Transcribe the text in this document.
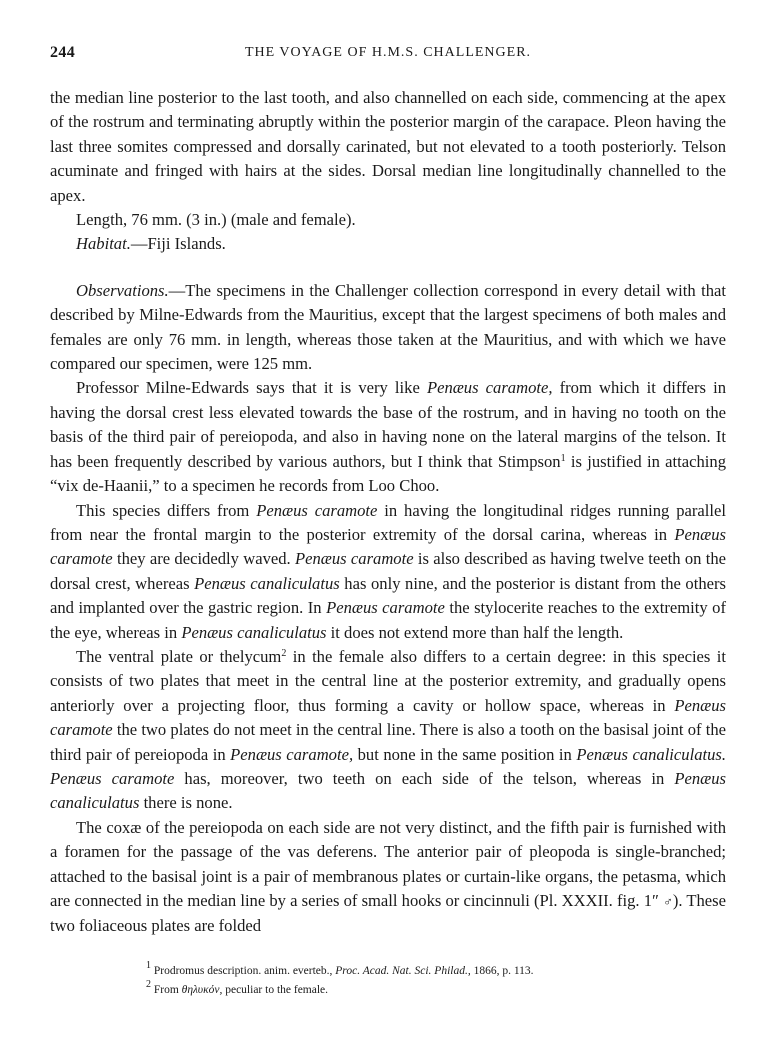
244	THE VOYAGE OF H.M.S. CHALLENGER.

the median line posterior to the last tooth, and also channelled on each side, commencing at the apex of the rostrum and terminating abruptly within the posterior margin of the carapace. Pleon having the last three somites compressed and dorsally carinated, but not elevated to a tooth posteriorly. Telson acuminate and fringed with hairs at the sides. Dorsal median line longitudinally channelled to the apex.

Length, 76 mm. (3 in.) (male and female).

Habitat.—Fiji Islands.

Observations.—The specimens in the Challenger collection correspond in every detail with that described by Milne-Edwards from the Mauritius, except that the largest specimens of both males and females are only 76 mm. in length, whereas those taken at the Mauritius, and with which we have compared our specimen, were 125 mm.

Professor Milne-Edwards says that it is very like Penæus caramote, from which it differs in having the dorsal crest less elevated towards the base of the rostrum, and in having no tooth on the basis of the third pair of pereiopoda, and also in having none on the lateral margins of the telson. It has been frequently described by various authors, but I think that Stimpson$^1$ is justified in attaching “vix de-Haanii,” to a specimen he records from Loo Choo.

This species differs from Penæus caramote in having the longitudinal ridges running parallel from near the frontal margin to the posterior extremity of the dorsal carina, whereas in Penæus caramote they are decidedly waved. Penæus caramote is also described as having twelve teeth on the dorsal crest, whereas Penæus canaliculatus has only nine, and the posterior is distant from the others and implanted over the gastric region. In Penæus caramote the stylocerite reaches to the extremity of the eye, whereas in Penæus canaliculatus it does not extend more than half the length.

The ventral plate or thelycum$^2$ in the female also differs to a certain degree: in this species it consists of two plates that meet in the central line at the posterior extremity, and gradually opens anteriorly over a projecting floor, thus forming a cavity or hollow space, whereas in Penæus caramote the two plates do not meet in the central line. There is also a tooth on the basisal joint of the third pair of pereiopoda in Penæus caramote, but none in the same position in Penæus canaliculatus. Penæus caramote has, moreover, two teeth on each side of the telson, whereas in Penæus canaliculatus there is none.

The coxæ of the pereiopoda on each side are not very distinct, and the fifth pair is furnished with a foramen for the passage of the vas deferens. The anterior pair of pleopoda is single-branched; attached to the basisal joint is a pair of membranous plates or curtain-like organs, the petasma, which are connected in the median line by a series of small hooks or cincinnuli (Pl. XXXII. fig. 1″ ♂). These two foliaceous plates are folded

$^1$ Prodromus description. anim. everteb., Proc. Acad. Nat. Sci. Philad., 1866, p. 113.

$^2$ From θηλυκόν, peculiar to the female.
